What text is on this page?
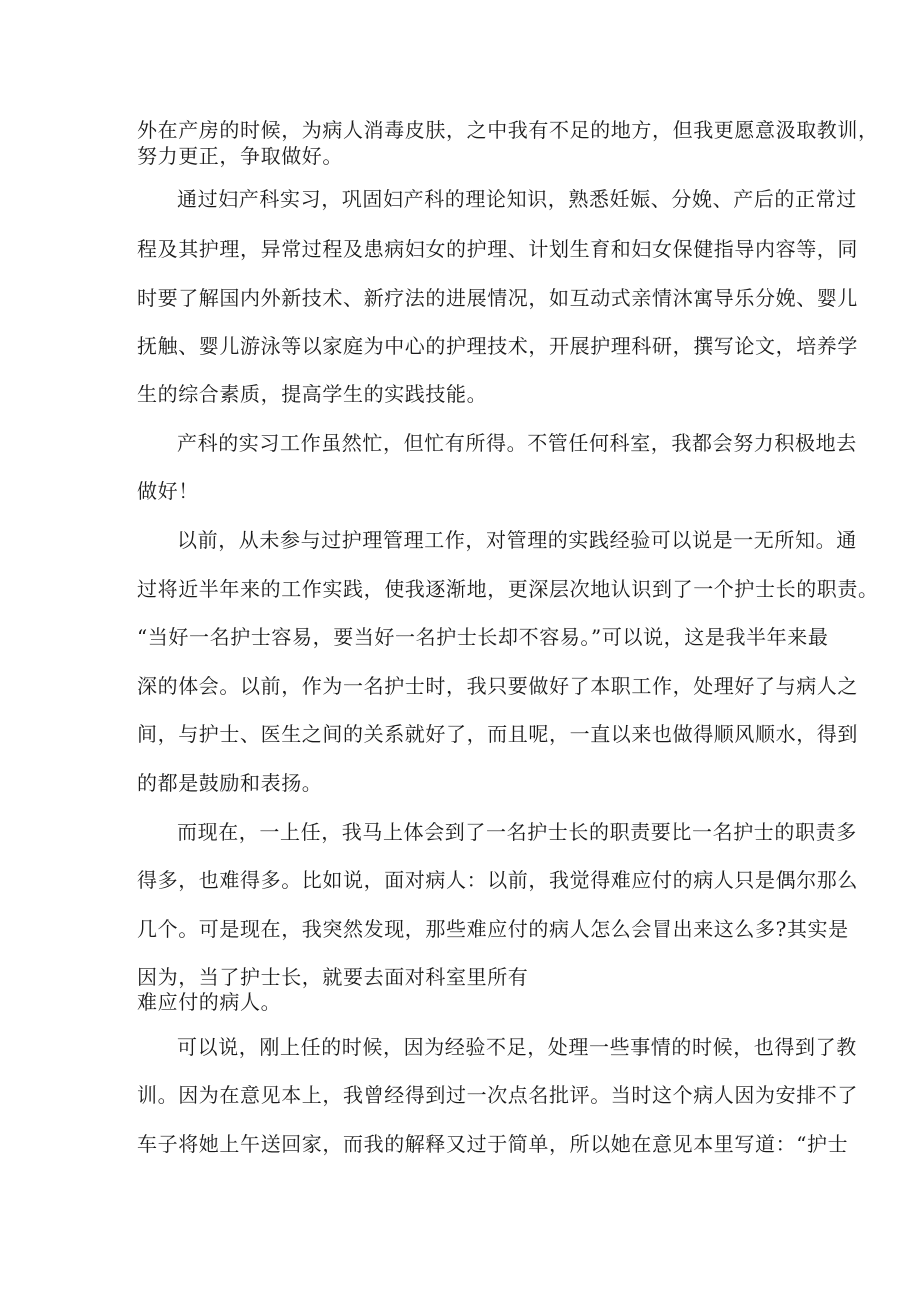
外在产房的时候，为病人消毒皮肤，之中我有不足的地方，但我更愿意汲取教训，
努力更正，争取做好。
通过妇产科实习，巩固妇产科的理论知识，熟悉妊娠、分娩、产后的正常过
程及其护理，异常过程及患病妇女的护理、计划生育和妇女保健指导内容等，同
时要了解国内外新技术、新疗法的进展情况，如互动式亲情沐寓导乐分娩、婴儿
抚触、婴儿游泳等以家庭为中心的护理技术，开展护理科研，撰写论文，培养学
生的综合素质，提高学生的实践技能。
产科的实习工作虽然忙，但忙有所得。不管任何科室，我都会努力积极地去
做好！
以前，从未参与过护理管理工作，对管理的实践经验可以说是一无所知。通
过将近半年来的工作实践，使我逐渐地，更深层次地认识到了一个护士长的职责。
“当好一名护士容易，要当好一名护士长却不容易。”可以说，这是我半年来最
深的体会。以前，作为一名护士时，我只要做好了本职工作，处理好了与病人之
间，与护士、医生之间的关系就好了，而且呢，一直以来也做得顺风顺水，得到
的都是鼓励和表扬。
而现在，一上任，我马上体会到了一名护士长的职责要比一名护士的职责多
得多，也难得多。比如说，面对病人：以前，我觉得难应付的病人只是偶尔那么
几个。可是现在，我突然发现，那些难应付的病人怎么会冒出来这么多?其实是
因为，当了护士长，就要去面对科室里所有
难应付的病人。
可以说，刚上任的时候，因为经验不足，处理一些事情的时候，也得到了教
训。因为在意见本上，我曾经得到过一次点名批评。当时这个病人因为安排不了
车子将她上午送回家，而我的解释又过于简单，所以她在意见本里写道：“护士
